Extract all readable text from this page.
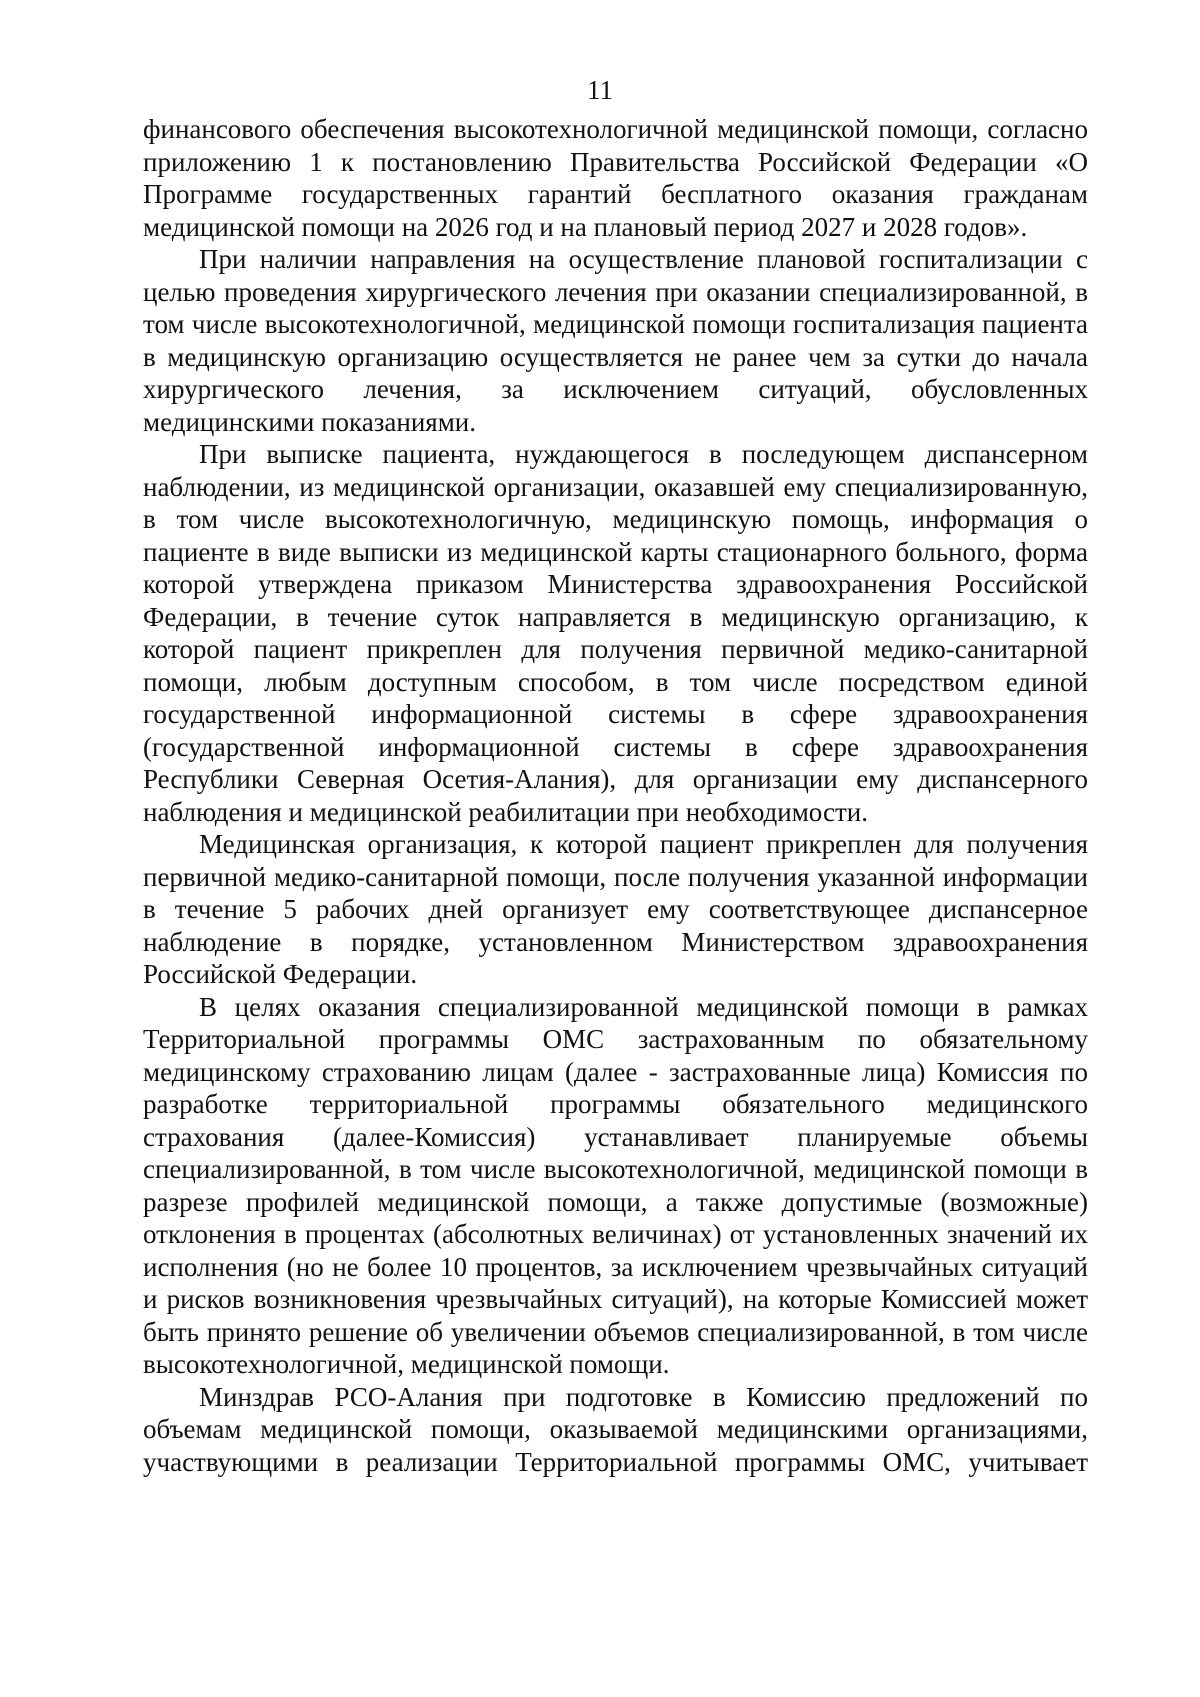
11

финансового обеспечения высокотехнологичной медицинской помощи, согласно приложению 1 к постановлению Правительства Российской Федерации «О Программе государственных гарантий бесплатного оказания гражданам медицинской помощи на 2026 год и на плановый период 2027 и 2028 годов».

При наличии направления на осуществление плановой госпитализации с целью проведения хирургического лечения при оказании специализированной, в том числе высокотехнологичной, медицинской помощи госпитализация пациента в медицинскую организацию осуществляется не ранее чем за сутки до начала хирургического лечения, за исключением ситуаций, обусловленных медицинскими показаниями.

При выписке пациента, нуждающегося в последующем диспансерном наблюдении, из медицинской организации, оказавшей ему специализированную, в том числе высокотехнологичную, медицинскую помощь, информация о пациенте в виде выписки из медицинской карты стационарного больного, форма которой утверждена приказом Министерства здравоохранения Российской Федерации, в течение суток направляется в медицинскую организацию, к которой пациент прикреплен для получения первичной медико-санитарной помощи, любым доступным способом, в том числе посредством единой государственной информационной системы в сфере здравоохранения (государственной информационной системы в сфере здравоохранения Республики Северная Осетия-Алания), для организации ему диспансерного наблюдения и медицинской реабилитации при необходимости.

Медицинская организация, к которой пациент прикреплен для получения первичной медико-санитарной помощи, после получения указанной информации в течение 5 рабочих дней организует ему соответствующее диспансерное наблюдение в порядке, установленном Министерством здравоохранения Российской Федерации.

В целях оказания специализированной медицинской помощи в рамках Территориальной программы ОМС застрахованным по обязательному медицинскому страхованию лицам (далее - застрахованные лица) Комиссия по разработке территориальной программы обязательного медицинского страхования (далее-Комиссия) устанавливает планируемые объемы специализированной, в том числе высокотехнологичной, медицинской помощи в разрезе профилей медицинской помощи, а также допустимые (возможные) отклонения в процентах (абсолютных величинах) от установленных значений их исполнения (но не более 10 процентов, за исключением чрезвычайных ситуаций и рисков возникновения чрезвычайных ситуаций), на которые Комиссией может быть принято решение об увеличении объемов специализированной, в том числе высокотехнологичной, медицинской помощи.

Минздрав РСО-Алания при подготовке в Комиссию предложений по объемам медицинской помощи, оказываемой медицинскими организациями, участвующими в реализации Территориальной программы ОМС, учитывает
